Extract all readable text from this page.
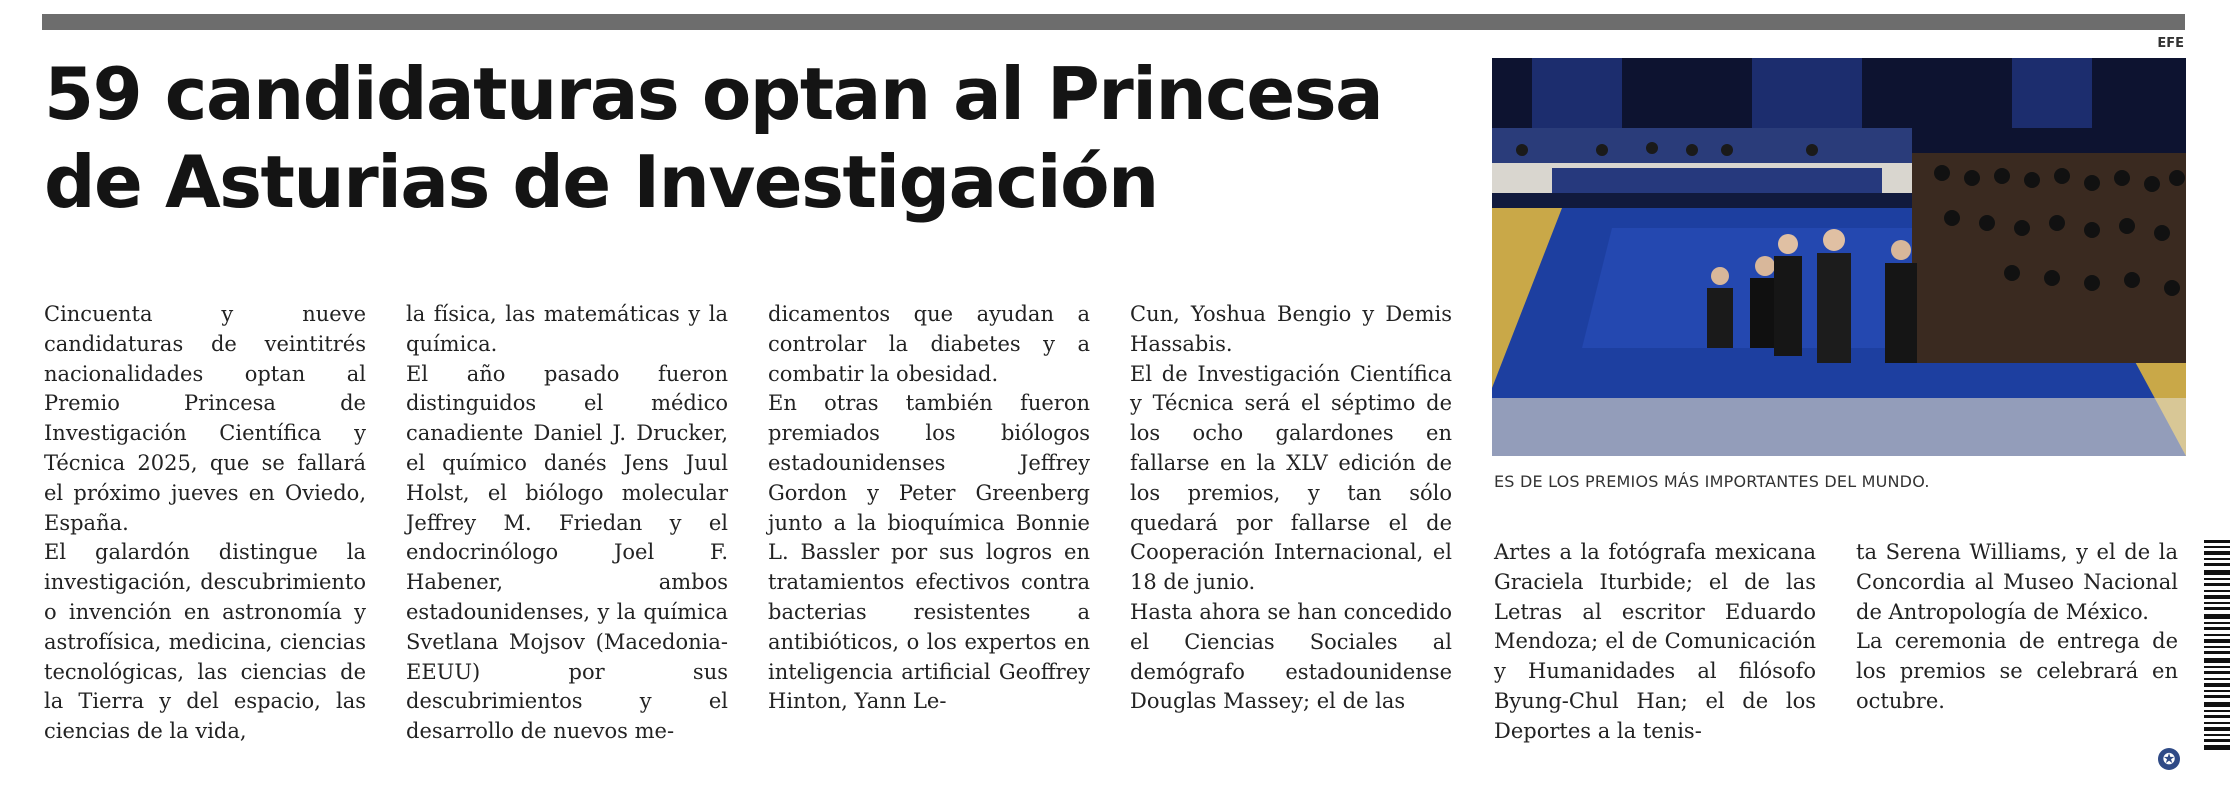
59 candidaturas optan al Princesa
de Asturias de Investigación
EFE
ES DE LOS PREMIOS MÁS IMPORTANTES DEL MUNDO.

Cincuenta y nueve candidaturas de veintitrés nacionalidades optan al Premio Princesa de Investigación Científica y Técnica 2025, que se fallará el próximo jueves en Oviedo, España.

El galardón distingue la investigación, descubrimiento o invención en astronomía y astrofísica, medicina, ciencias tecnológicas, las ciencias de la Tierra y del espacio, las ciencias de la vida,

la física, las matemáticas y la química.

El año pasado fueron distinguidos el médico canadiente Daniel J. Drucker, el químico danés Jens Juul Holst, el biólogo molecular Jeffrey M. Friedan y el endocrinólogo Joel F. Habener, ambos estadounidenses, y la química Svetlana Mojsov (Macedonia-EEUU) por sus descubrimientos y el desarrollo de nuevos me-

dicamentos que ayudan a controlar la diabetes y a combatir la obesidad.

En otras también fueron premiados los biólogos estadounidenses Jeffrey Gordon y Peter Greenberg junto a la bioquímica Bonnie L. Bassler por sus logros en tratamientos efectivos contra bacterias resistentes a antibióticos, o los expertos en inteligencia artificial Geoffrey Hinton, Yann Le-

Cun, Yoshua Bengio y Demis Hassabis.

El de Investigación Científica y Técnica será el séptimo de los ocho galardones en fallarse en la XLV edición de los premios, y tan sólo quedará por fallarse el de Cooperación Internacional, el 18 de junio.

Hasta ahora se han concedido el Ciencias Sociales al demógrafo estadounidense Douglas Massey; el de las

Artes a la fotógrafa mexicana Graciela Iturbide; el de las Letras al escritor Eduardo Mendoza; el de Comunicación y Humanidades al filósofo Byung-Chul Han; el de los Deportes a la tenis-

ta Serena Williams, y el de la Concordia al Museo Nacional de Antropología de México.

La ceremonia de entrega de los premios se celebrará en octubre.

✪
